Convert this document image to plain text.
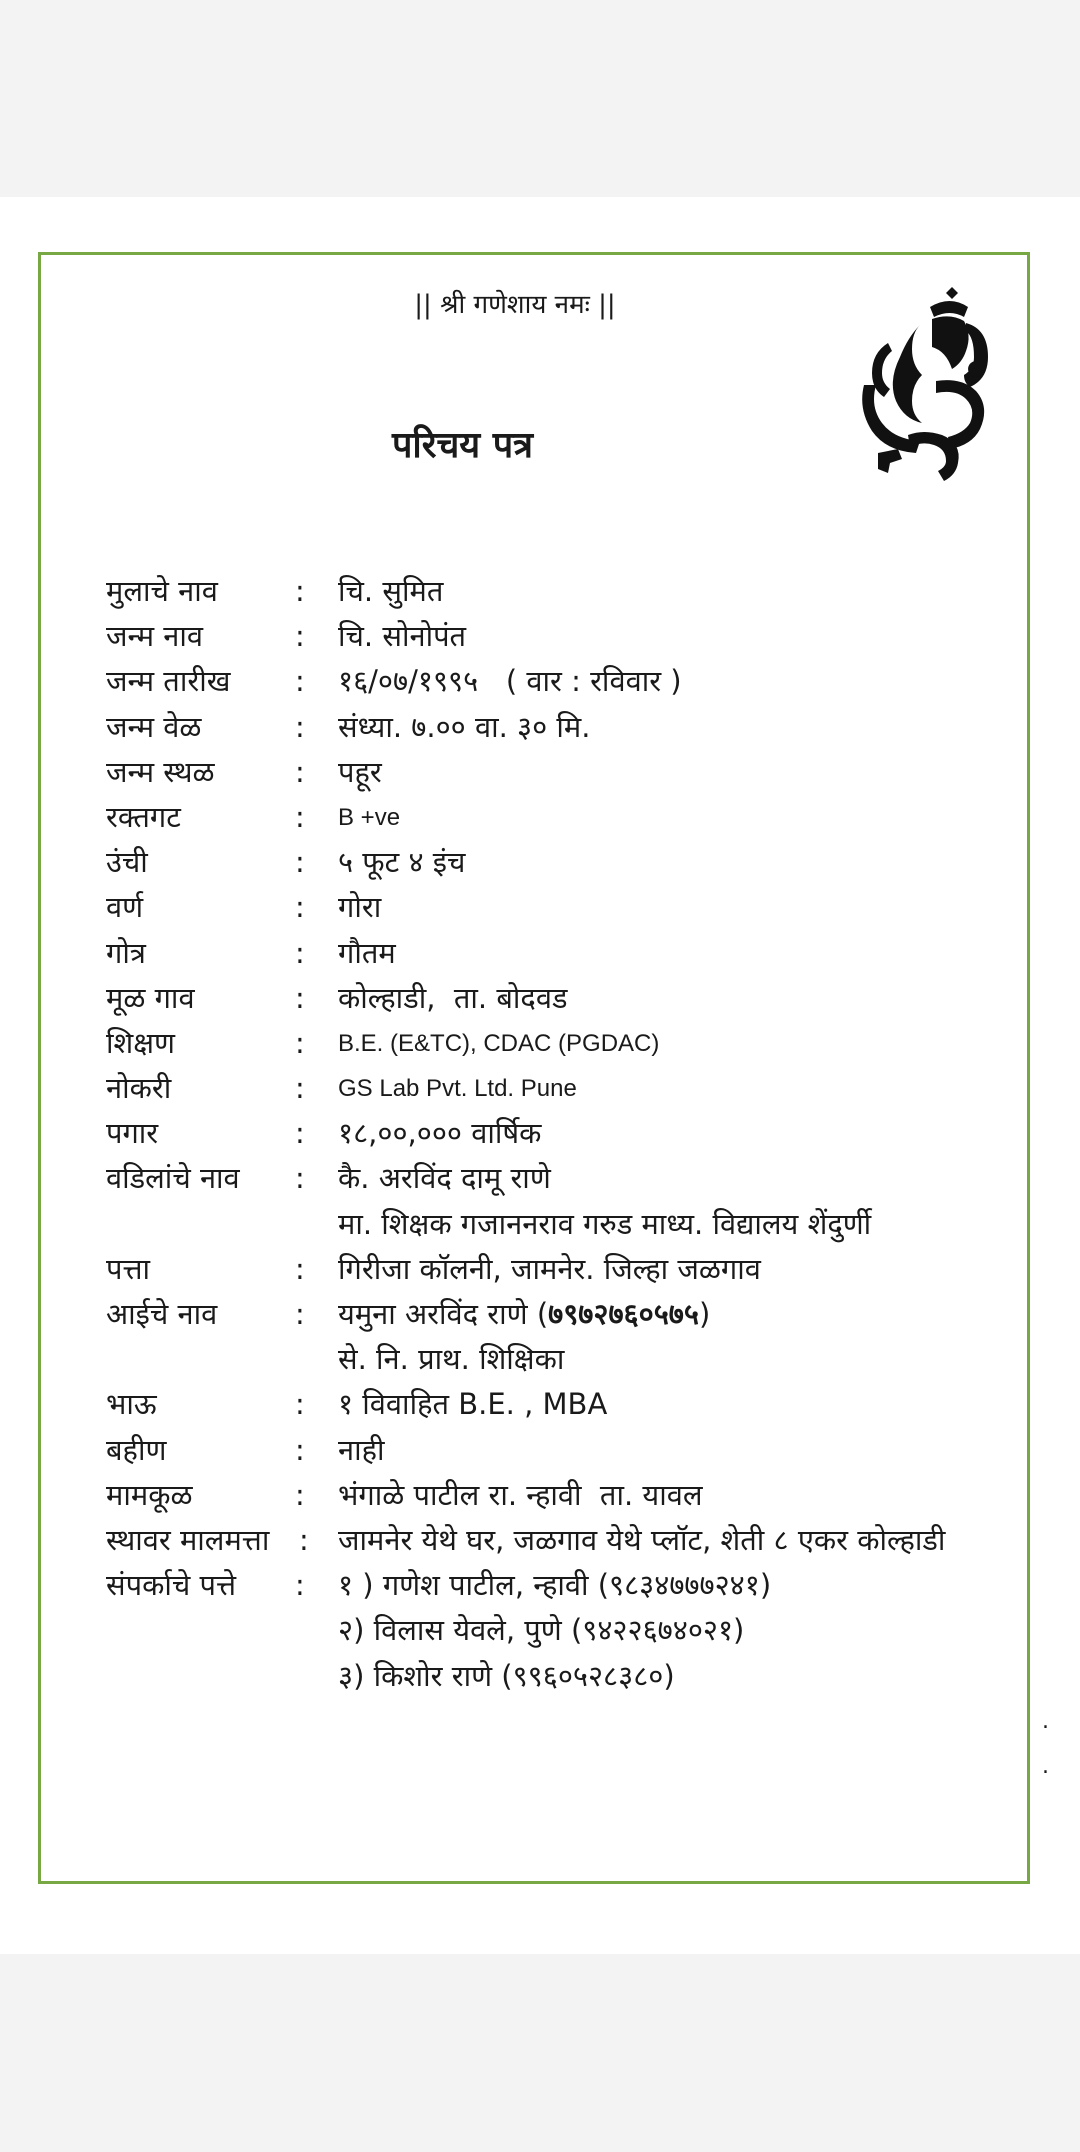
|| श्री गणेशाय नमः ||
परिचय पत्र
मुलाचे नाव	: चि. सुमित
जन्म नाव	: चि. सोनोपंत
जन्म तारीख : १६/०७/१९९५   ( वार : रविवार )
जन्म वेळ	: संध्या. ७.०० वा. ३० मि.
जन्म स्थळ	: पहूर
रक्तगट	: B +ve
उंची	: ५ फूट ४ इंच
वर्ण	: गोरा
गोत्र	: गौतम
मूळ गाव	: कोल्हाडी,  ता. बोदवड
शिक्षण	: B.E. (E&TC), CDAC (PGDAC)
नोकरी	: GS Lab Pvt. Ltd. Pune
पगार	: १८,००,००० वार्षिक
वडिलांचे नाव : कै. अरविंद दामू राणे
मा. शिक्षक गजाननराव गरुड माध्य. विद्यालय शेंदुर्णी
पत्ता	: गिरीजा कॉलनी, जामनेर. जिल्हा जळगाव
आईचे नाव	: यमुना अरविंद राणे (७९७२७६०५७५)
से. नि. प्राथ. शिक्षिका
भाऊ	: १ विवाहित B.E. , MBA
बहीण	: नाही
मामकूळ	: भंगाळे पाटील रा. न्हावी  ता. यावल
स्थावर मालमत्ता : जामनेर येथे घर, जळगाव येथे प्लॉट, शेती ८ एकर कोल्हाडी
संपर्काचे पत्ते : १ ) गणेश पाटील, न्हावी (९८३४७७७२४१)
२) विलास येवले, पुणे (९४२२६७४०२१)
३) किशोर राणे (९९६०५२८३८०)
.
.
